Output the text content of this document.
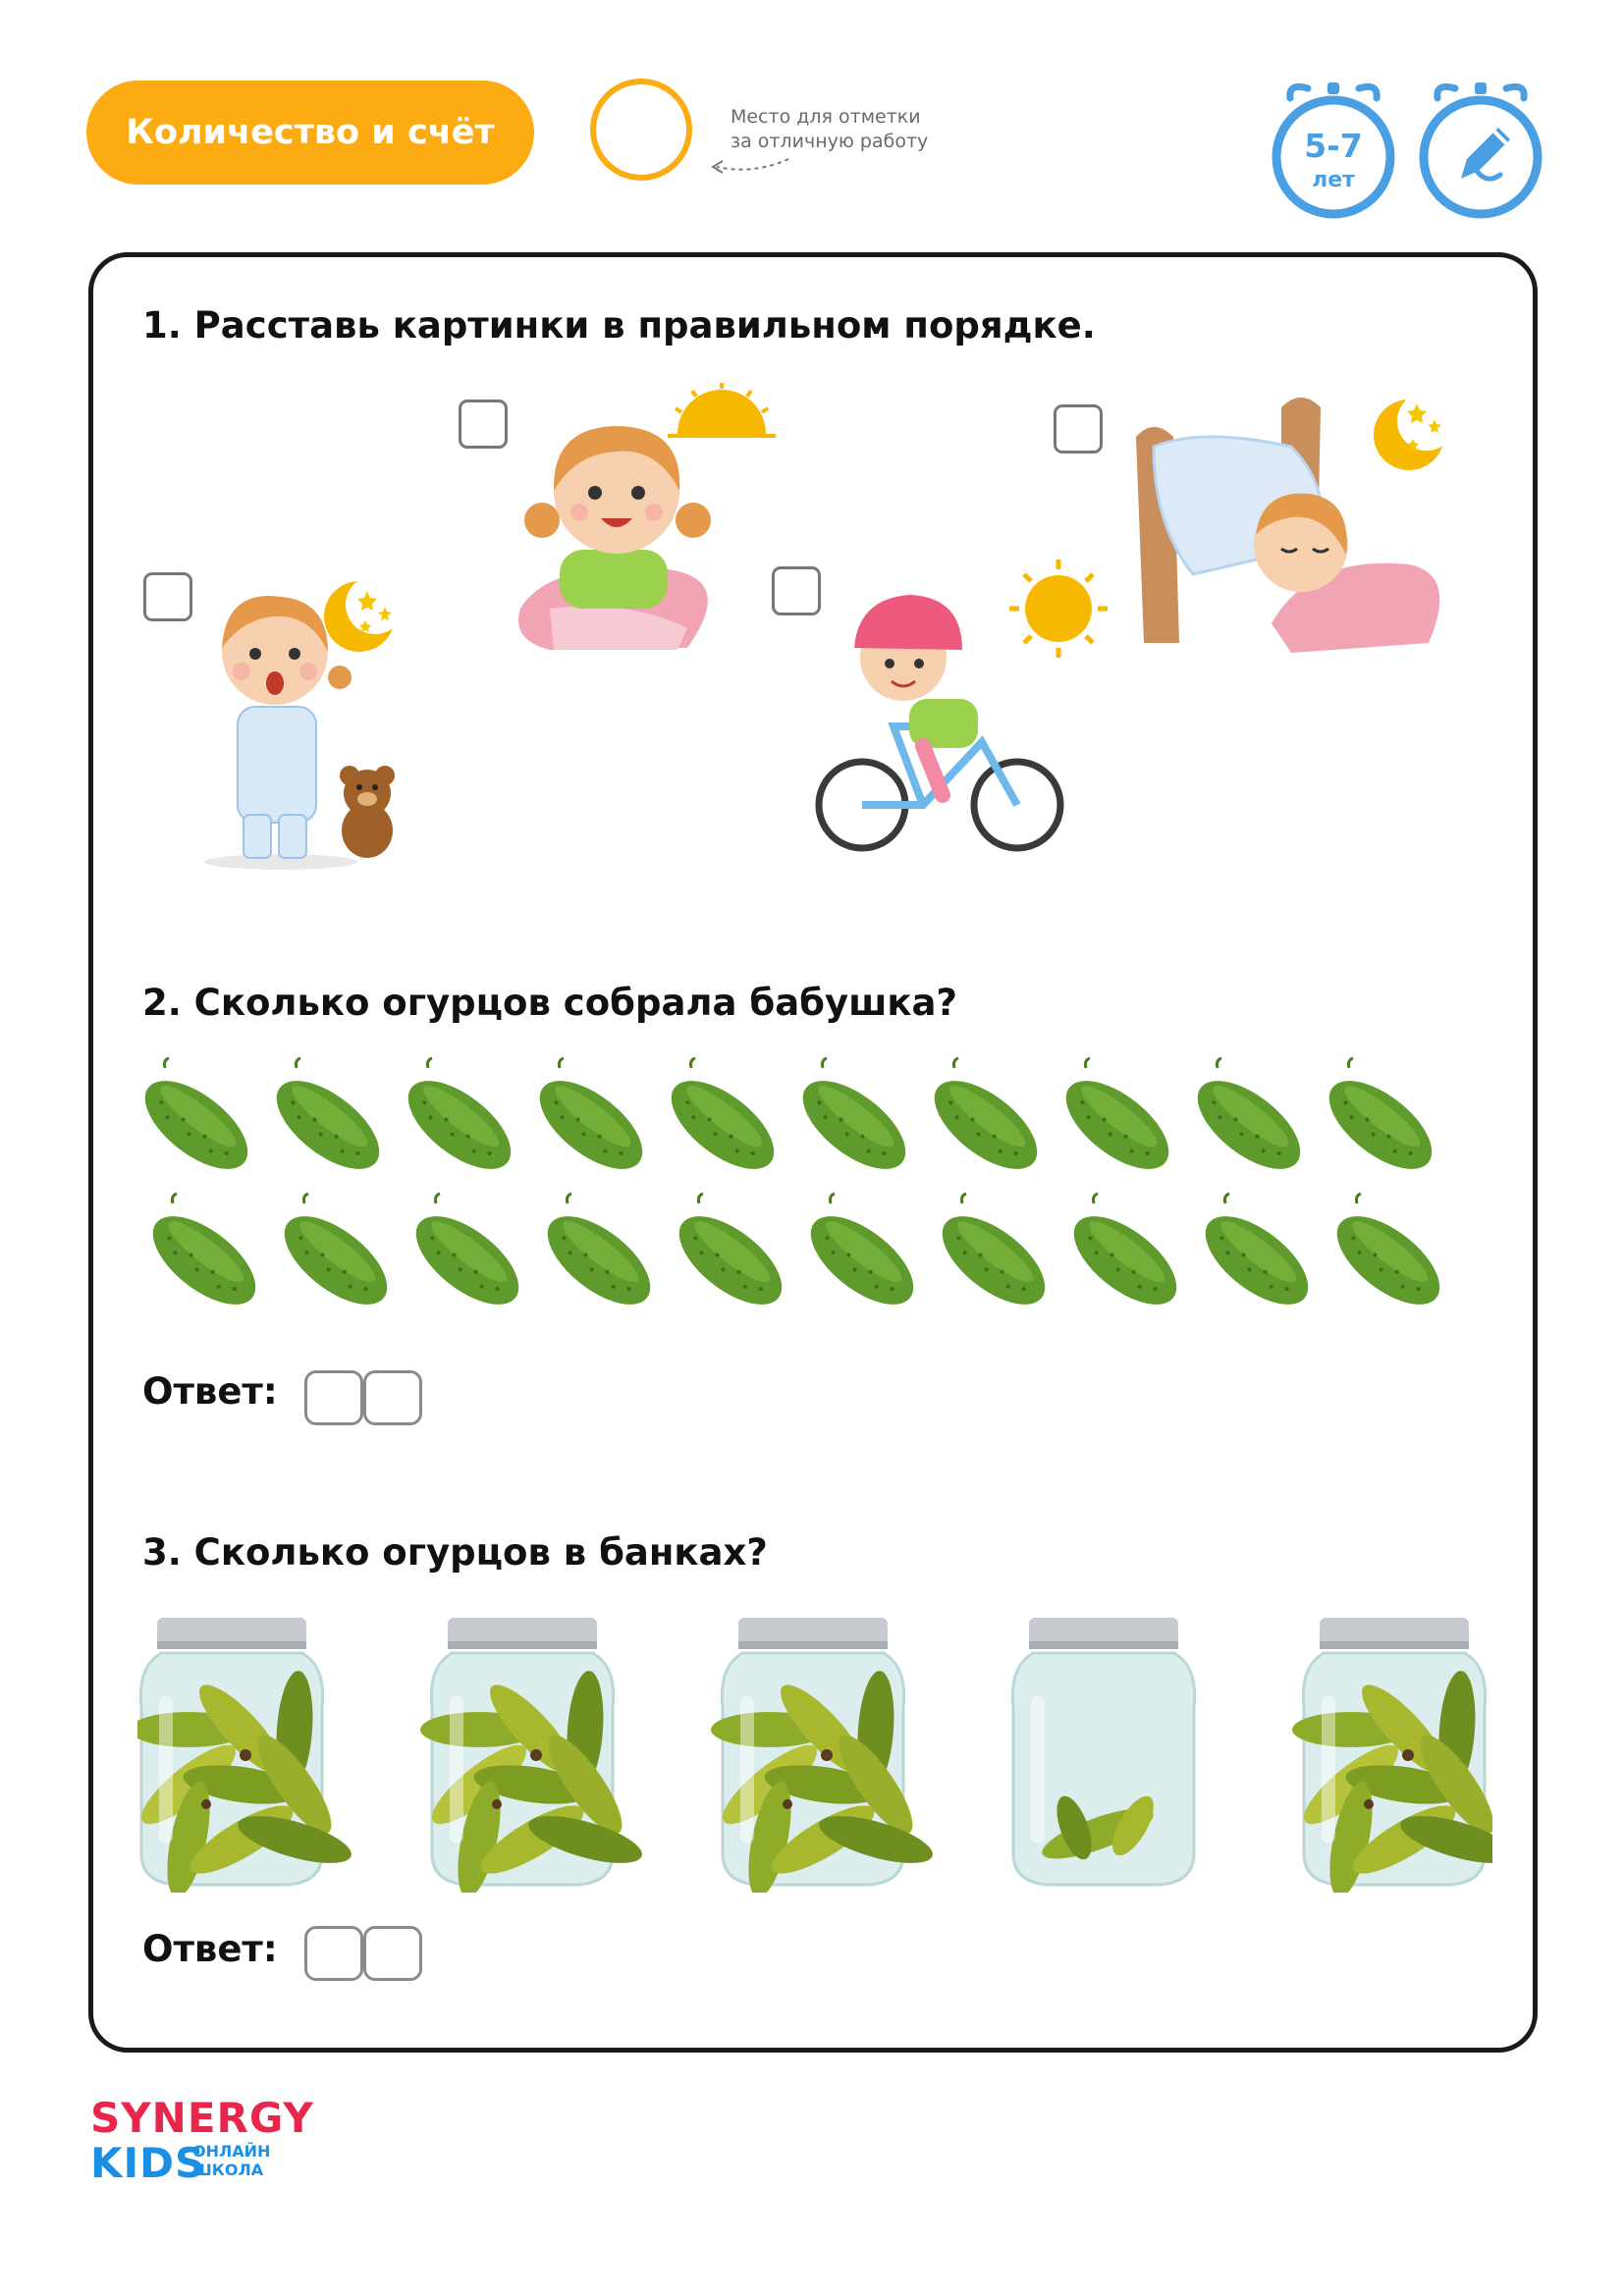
Количество и счёт	Место для отметки
за отличную работу	5-7
лет
1. Расставь картинки в правильном порядке.
2. Сколько огурцов собрала бабушка?
Ответ:
3. Сколько огурцов в банках?
Ответ:
SYNERGY
KIDS
ОНЛАЙН
ШКОЛА
